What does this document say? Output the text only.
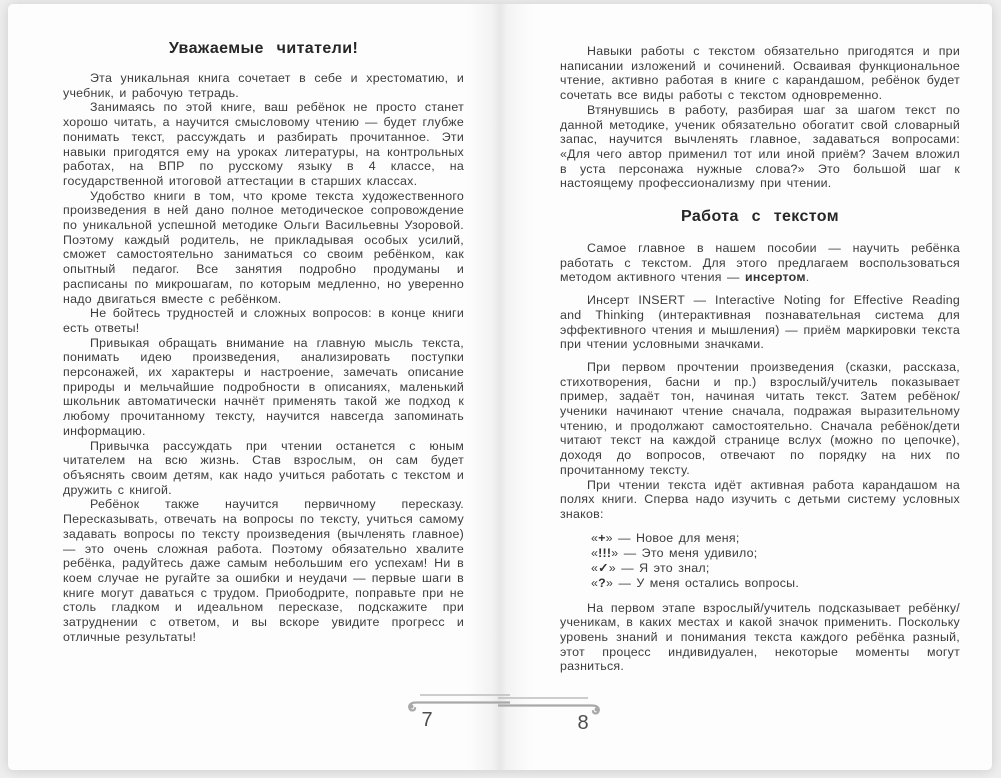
Уважаемые читатели!

Эта уникальная книга сочетает в себе и хрестоматию, и учебник, и рабочую тетрадь.

Занимаясь по этой книге, ваш ребёнок не просто станет хорошо читать, а научится смысловому чтению — будет глубже понимать текст, рассуждать и разбирать прочитанное. Эти навыки пригодятся ему на уроках литературы, на контрольных работах, на ВПР по русскому языку в 4 классе, на государственной итоговой аттестации в старших классах.

Удобство книги в том, что кроме текста художественного произведения в ней дано полное методическое сопровождение по уникальной успешной методике Ольги Васильевны Узоровой. Поэтому каждый родитель, не прикладывая особых усилий, сможет самостоятельно заниматься со своим ребёнком, как опытный педагог. Все занятия подробно продуманы и расписаны по микрошагам, по которым медленно, но уверенно надо двигаться вместе с ребёнком.

Не бойтесь трудностей и сложных вопросов: в конце книги есть ответы!

Привыкая обращать внимание на главную мысль текста, понимать идею произведения, анализировать поступки персонажей, их характеры и настроение, замечать описание природы и мельчайшие подробности в описаниях, маленький школьник автоматически начнёт применять такой же подход к любому прочитанному тексту, научится навсегда запоминать информацию.

Привычка рассуждать при чтении останется с юным читателем на всю жизнь. Став взрослым, он сам будет объяснять своим детям, как надо учиться работать с текстом и дружить с книгой.

Ребёнок также научится первичному пересказу. Пересказывать, отвечать на вопросы по тексту, учиться самому задавать вопросы по тексту произведения (вычленять главное) — это очень сложная работа. Поэтому обязательно хвалите ребёнка, радуйтесь даже самым небольшим его успехам! Ни в коем случае не ругайте за ошибки и неудачи — первые шаги в книге могут даваться с трудом. Приободрите, поправьте при не столь гладком и идеальном пересказе, подскажите при затруднении с ответом, и вы вскоре увидите прогресс и отличные результаты!

Навыки работы с текстом обязательно пригодятся и при написании изложений и сочинений. Осваивая функциональное чтение, активно работая в книге с карандашом, ребёнок будет сочетать все виды работы с текстом одновременно.

Втянувшись в работу, разбирая шаг за шагом текст по данной методике, ученик обязательно обогатит свой словарный запас, научится вычленять главное, задаваться вопросами: «Для чего автор применил тот или иной приём? Зачем вложил в уста персонажа нужные слова?» Это большой шаг к настоящему профессионализму при чтении.

Работа с текстом

Самое главное в нашем пособии — научить ребёнка работать с текстом. Для этого предлагаем воспользоваться методом активного чтения — инсертом.

Инсерт INSERT — Interactive Noting for Effective Reading and Thinking (интерактивная познавательная система для эффективного чтения и мышления) — приём маркировки текста при чтении условными значками.

При первом прочтении произведения (сказки, рассказа, стихотворения, басни и пр.) взрослый/учитель показывает пример, задаёт тон, начиная читать текст. Затем ребёнок/ученики начинают чтение сначала, подражая выразительному чтению, и продолжают самостоятельно. Сначала ребёнок/дети читают текст на каждой странице вслух (можно по цепочке), доходя до вопросов, отвечают по порядку на них по прочитанному тексту.

При чтении текста идёт активная работа карандашом на полях книги. Сперва надо изучить с детьми систему условных знаков:

«+» — Новое для меня;
«!!!» — Это меня удивило;
«✓» — Я это знал;
«?» — У меня остались вопросы.

На первом этапе взрослый/учитель подсказывает ребёнку/ученикам, в каких местах и какой значок применить. Поскольку уровень знаний и понимания текста каждого ребёнка разный, этот процесс индивидуален, некоторые моменты могут разниться.

7	8
